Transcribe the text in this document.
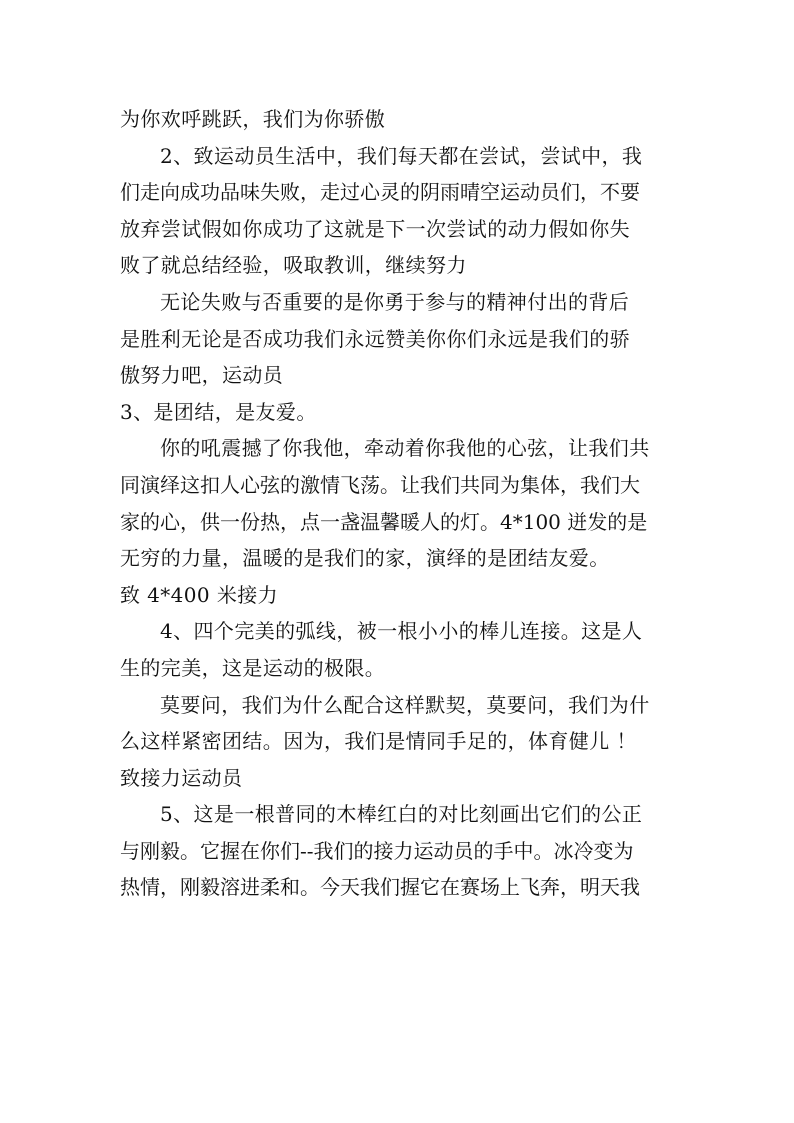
为你欢呼跳跃，我们为你骄傲
2、致运动员生活中，我们每天都在尝试，尝试中，我
们走向成功品味失败，走过心灵的阴雨晴空运动员们，不要
放弃尝试假如你成功了这就是下一次尝试的动力假如你失
败了就总结经验，吸取教训，继续努力
无论失败与否重要的是你勇于参与的精神付出的背后
是胜利无论是否成功我们永远赞美你你们永远是我们的骄
傲努力吧，运动员
3、是团结，是友爱。
你的吼震撼了你我他，牵动着你我他的心弦，让我们共
同演绎这扣人心弦的激情飞荡。让我们共同为集体，我们大
家的心，供一份热，点一盏温馨暖人的灯。4*100 迸发的是
无穷的力量，温暖的是我们的家，演绎的是团结友爱。
致 4*400 米接力
4、四个完美的弧线，被一根小小的棒儿连接。这是人
生的完美，这是运动的极限。
莫要问，我们为什么配合这样默契，莫要问，我们为什
么这样紧密团结。因为，我们是情同手足的，体育健儿 ！
致接力运动员
5、这是一根普同的木棒红白的对比刻画出它们的公正
与刚毅。它握在你们--我们的接力运动员的手中。冰冷变为
热情，刚毅溶进柔和。今天我们握它在赛场上飞奔，明天我
